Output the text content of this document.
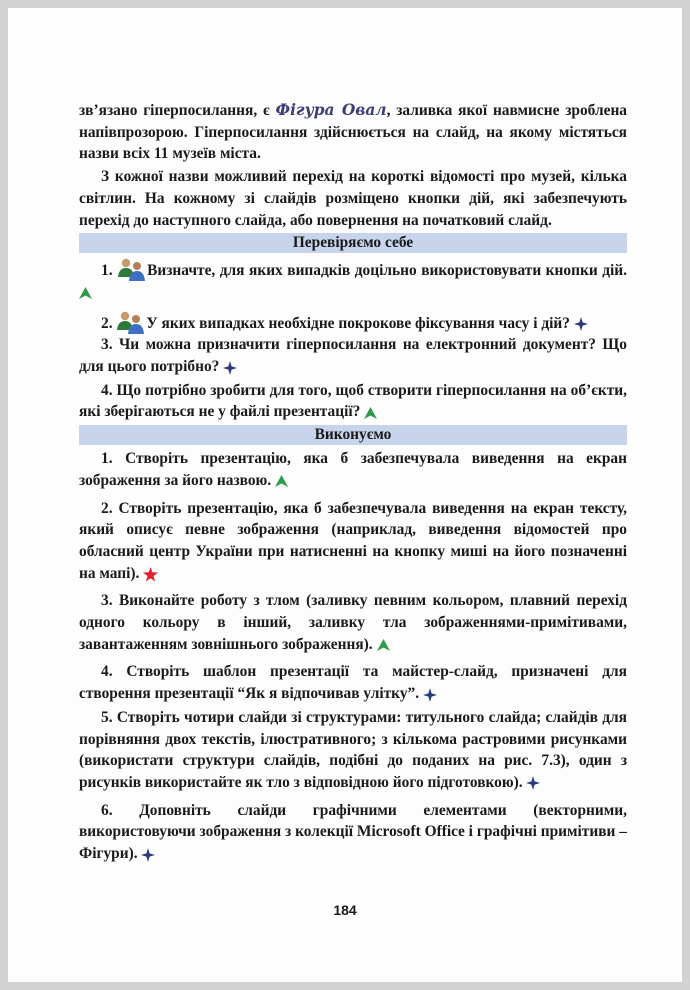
зв’язано гіперпосилання, є Фігура Овал, заливка якої навмисне зроблена напівпрозорою. Гіперпосилання здійснюється на слайд, на якому містяться назви всіх 11 музеїв міста.

З кожної назви можливий перехід на короткі відомості про музей, кілька світлин. На кожному зі слайдів розміщено кнопки дій, які забезпечують перехід до наступного слайда, або повернення на початковий слайд.

Перевіряємо себе

1. Визначте, для яких випадків доцільно використовувати кнопки дій.

2. У яких випадках необхідне покрокове фіксування часу і дій?

3. Чи можна призначити гіперпосилання на електронний документ? Що для цього потрібно?

4. Що потрібно зробити для того, щоб створити гіперпосилання на об’єкти, які зберігаються не у файлі презентації?

Виконуємо

1. Створіть презентацію, яка б забезпечувала виведення на екран зображення за його назвою.

2. Створіть презентацію, яка б забезпечувала виведення на екран тексту, який описує певне зображення (наприклад, виведення відомостей про обласний центр України при натисненні на кнопку миші на його позначенні на мапі).

3. Виконайте роботу з тлом (заливку певним кольором, плавний перехід одного кольору в інший, заливку тла зображеннями-примітивами, завантаженням зовнішнього зображення).

4. Створіть шаблон презентації та майстер-слайд, призначені для створення презентації “Як я відпочивав улітку”.

5. Створіть чотири слайди зі структурами: титульного слайда; слайдів для порівняння двох текстів, ілюстративного; з кількома растровими рисунками (використати структури слайдів, подібні до поданих на рис. 7.3), один з рисунків використайте як тло з відповідною його підготовкою).

6. Доповніть слайди графічними елементами (векторними, використовуючи зображення з колекції Microsoft Office і графічні примітиви – Фігури).

184
